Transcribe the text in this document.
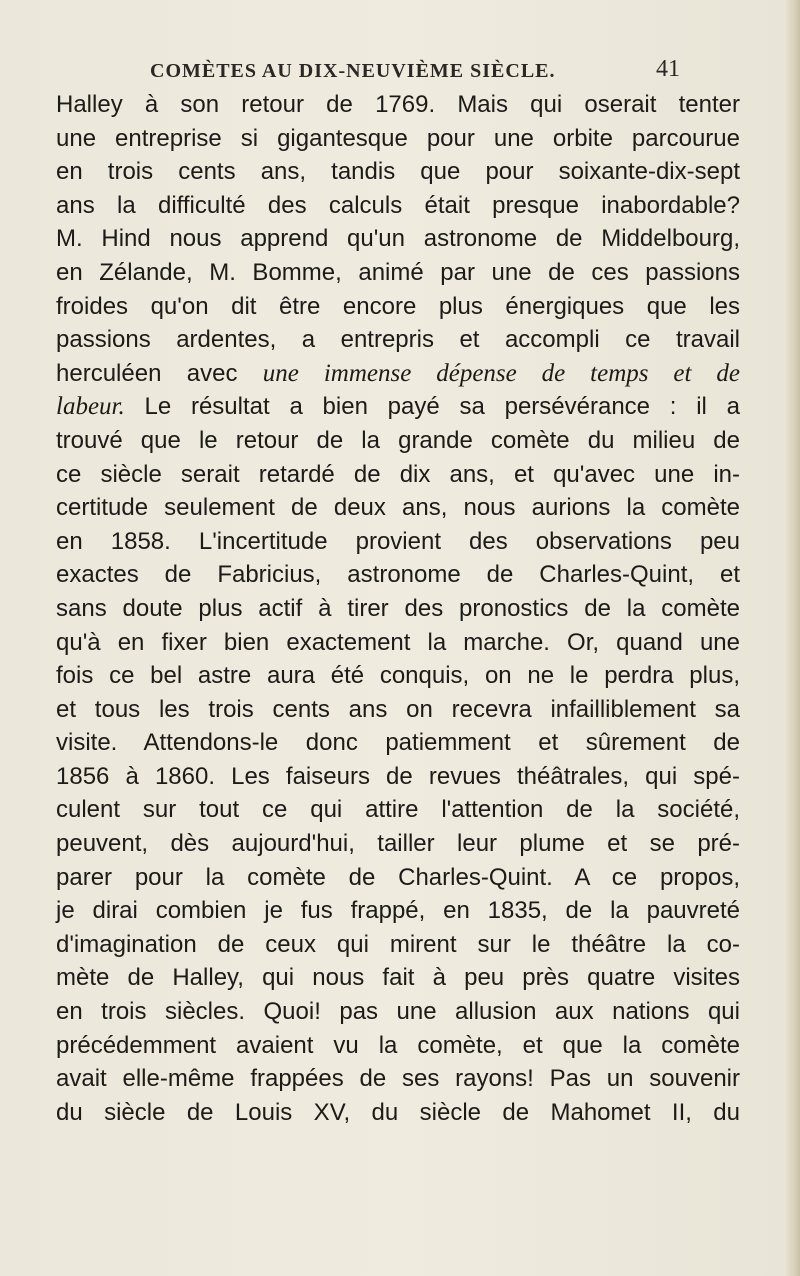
COMÈTES AU DIX-NEUVIÈME SIÈCLE.	41
Halley à son retour de 1769. Mais qui oserait tenter
une entreprise si gigantesque pour une orbite parcourue
en trois cents ans, tandis que pour soixante-dix-sept
ans la difficulté des calculs était presque inabordable?
M. Hind nous apprend qu'un astronome de Middelbourg,
en Zélande, M. Bomme, animé par une de ces passions
froides qu'on dit être encore plus énergiques que les
passions ardentes, a entrepris et accompli ce travail
herculéen avec une immense dépense de temps et de
labeur. Le résultat a bien payé sa persévérance : il a
trouvé que le retour de la grande comète du milieu de
ce siècle serait retardé de dix ans, et qu'avec une in-
certitude seulement de deux ans, nous aurions la comète
en 1858. L'incertitude provient des observations peu
exactes de Fabricius, astronome de Charles-Quint, et
sans doute plus actif à tirer des pronostics de la comète
qu'à en fixer bien exactement la marche. Or, quand une
fois ce bel astre aura été conquis, on ne le perdra plus,
et tous les trois cents ans on recevra infailliblement sa
visite. Attendons-le donc patiemment et sûrement de
1856 à 1860. Les faiseurs de revues théâtrales, qui spé-
culent sur tout ce qui attire l'attention de la société,
peuvent, dès aujourd'hui, tailler leur plume et se pré-
parer pour la comète de Charles-Quint. A ce propos,
je dirai combien je fus frappé, en 1835, de la pauvreté
d'imagination de ceux qui mirent sur le théâtre la co-
mète de Halley, qui nous fait à peu près quatre visites
en trois siècles. Quoi! pas une allusion aux nations qui
précédemment avaient vu la comète, et que la comète
avait elle-même frappées de ses rayons! Pas un souvenir
du siècle de Louis XV, du siècle de Mahomet II, du
